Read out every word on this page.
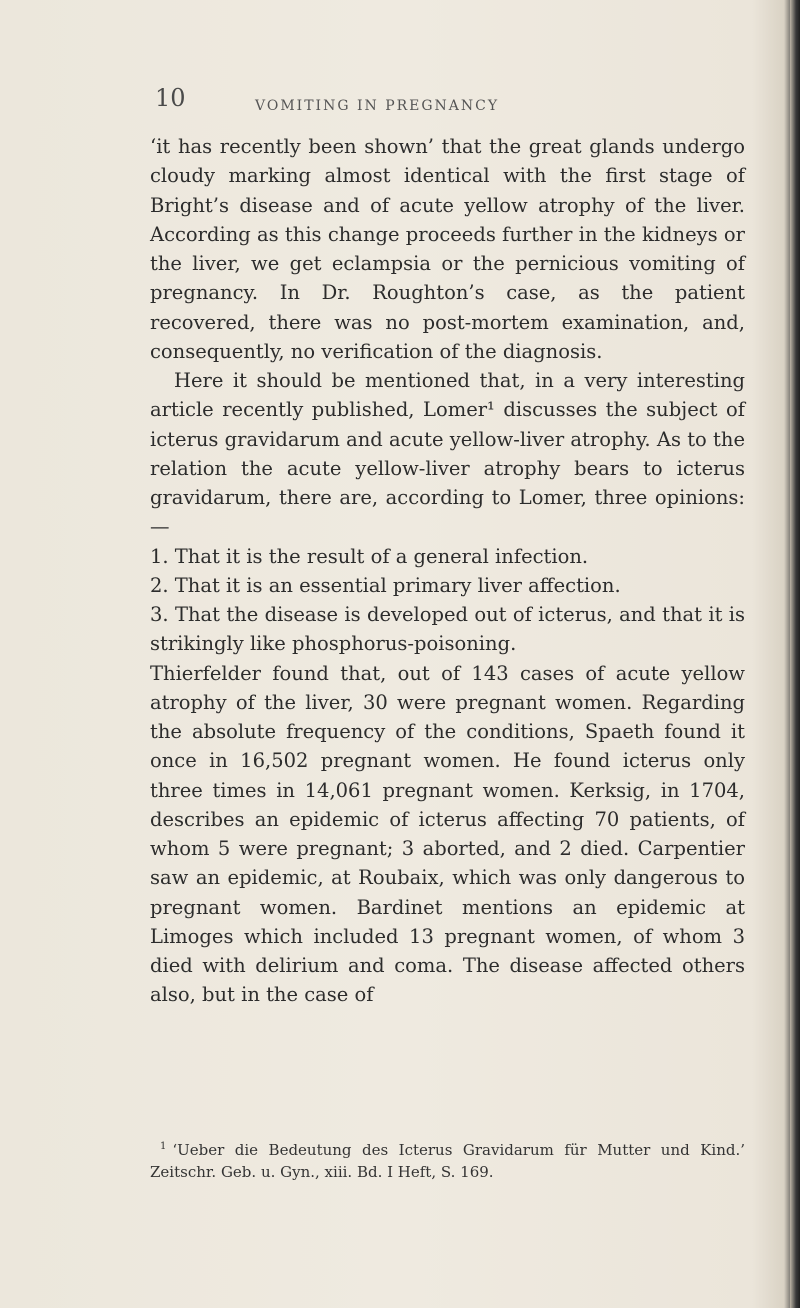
10	VOMITING IN PREGNANCY

‘it has recently been shown’ that the great glands undergo cloudy marking almost identical with the first stage of Bright’s disease and of acute yellow atrophy of the liver. According as this change proceeds further in the kidneys or the liver, we get eclampsia or the pernicious vomiting of pregnancy. In Dr. Roughton’s case, as the patient recovered, there was no post-mortem examination, and, consequently, no verification of the diagnosis.

Here it should be mentioned that, in a very interesting article recently published, Lomer¹ discusses the subject of icterus gravidarum and acute yellow-liver atrophy. As to the relation the acute yellow-liver atrophy bears to icterus gravidarum, there are, according to Lomer, three opinions:—

1. That it is the result of a general infection.

2. That it is an essential primary liver affection.

3. That the disease is developed out of icterus, and that it is strikingly like phosphorus-poisoning.

Thierfelder found that, out of 143 cases of acute yellow atrophy of the liver, 30 were pregnant women. Regarding the absolute frequency of the conditions, Spaeth found it once in 16,502 pregnant women. He found icterus only three times in 14,061 pregnant women. Kerksig, in 1704, describes an epidemic of icterus affecting 70 patients, of whom 5 were pregnant; 3 aborted, and 2 died. Carpentier saw an epidemic, at Roubaix, which was only dangerous to pregnant women. Bardinet mentions an epidemic at Limoges which included 13 pregnant women, of whom 3 died with delirium and coma. The disease affected others also, but in the case of

$^1$ ‘Ueber die Bedeutung des Icterus Gravidarum für Mutter und Kind.’ Zeitschr. Geb. u. Gyn., xiii. Bd. I Heft, S. 169.
